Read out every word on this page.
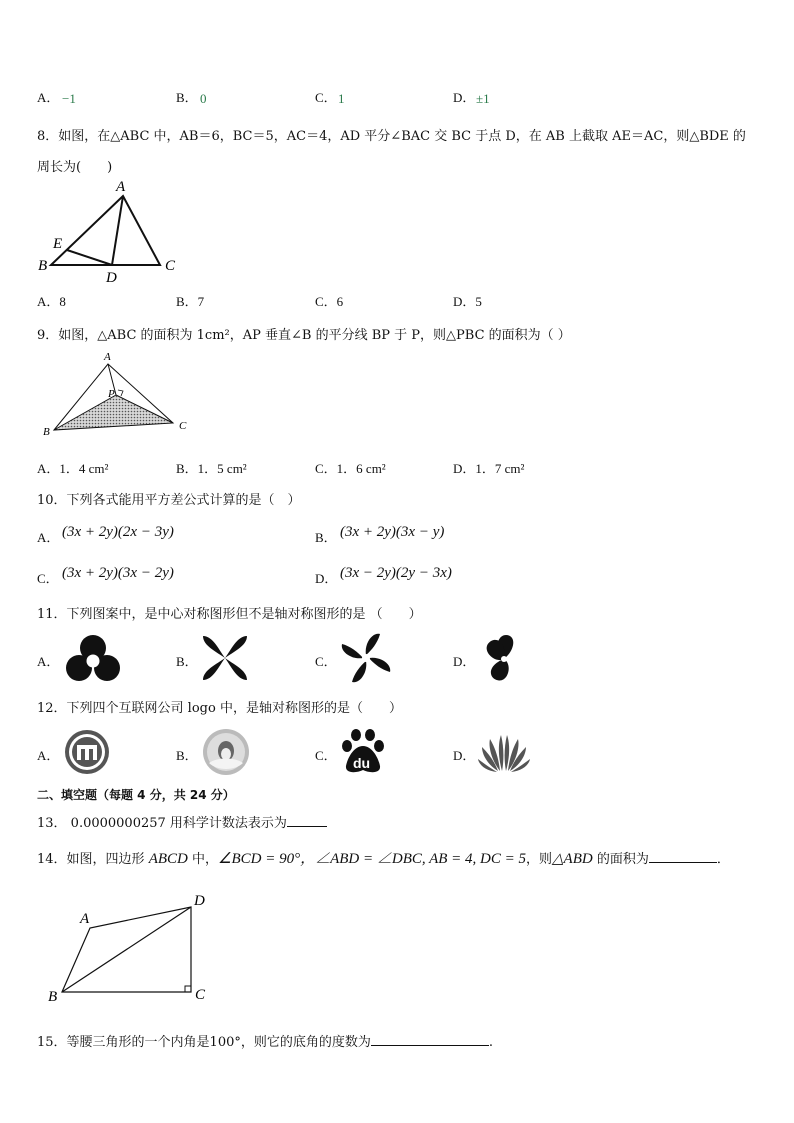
A． −1	B． 0	C． 1	D． ±1
8．如图，在△ABC 中，AB＝6，BC＝5，AC＝4，AD 平分∠BAC 交 BC 于点 D，在 AB 上截取 AE＝AC，则△BDE 的
周长为(　　)
A
B	C
D
E
A．8	B．7	C．6	D．5
9．如图，△ABC 的面积为 1cm²，AP 垂直∠B 的平分线 BP 于 P，则△PBC 的面积为（ ）
A
B	C
P
A．1．4 cm²	B．1．5 cm²	C．1．6 cm²	D．1．7 cm²
10．下列各式能用平方差公式计算的是（　）
A． (3x + 2y)(2x − 3y)	B． (3x + 2y)(3x − y)
C． (3x + 2y)(3x − 2y)	D． (3x − 2y)(2y − 3x)
11．下列图案中，是中心对称图形但不是轴对称图形的是 （　　）
A．	B．	C．	D．
12．下列四个互联网公司 logo 中，是轴对称图形的是（　　）
A．	B．	C． du	D．
二、填空题（每题 4 分，共 24 分）
13． 0.0000000257 用科学计数法表示为
14．如图，四边形 ABCD 中，∠BCD = 90°，∠ABD = ∠DBC, AB = 4, DC = 5，则△ABD 的面积为	．
A
B	C
D
15．等腰三角形的一个内角是100°，则它的底角的度数为	.
